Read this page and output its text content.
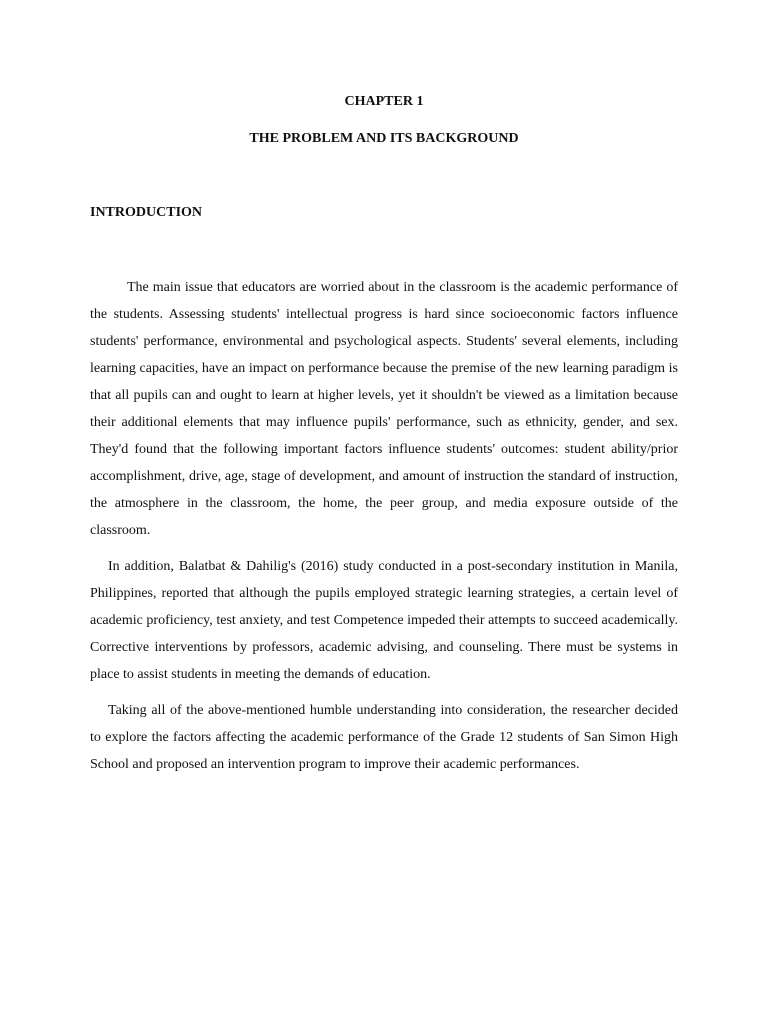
CHAPTER 1
THE PROBLEM AND ITS BACKGROUND
INTRODUCTION

The main issue that educators are worried about in the classroom is the academic performance of the students. Assessing students' intellectual progress is hard since socioeconomic factors influence students' performance, environmental and psychological aspects. Students' several elements, including learning capacities, have an impact on performance because the premise of the new learning paradigm is that all pupils can and ought to learn at higher levels, yet it shouldn't be viewed as a limitation because their additional elements that may influence pupils' performance, such as ethnicity, gender, and sex. They'd found that the following important factors influence students' outcomes: student ability/prior accomplishment, drive, age, stage of development, and amount of instruction the standard of instruction, the atmosphere in the classroom, the home, the peer group, and media exposure outside of the classroom.

In addition, Balatbat & Dahilig's (2016) study conducted in a post-secondary institution in Manila, Philippines, reported that although the pupils employed strategic learning strategies, a certain level of academic proficiency, test anxiety, and test Competence impeded their attempts to succeed academically. Corrective interventions by professors, academic advising, and counseling. There must be systems in place to assist students in meeting the demands of education.

Taking all of the above-mentioned humble understanding into consideration, the researcher decided to explore the factors affecting the academic performance of the Grade 12 students of San Simon High School and proposed an intervention program to improve their academic performances.
